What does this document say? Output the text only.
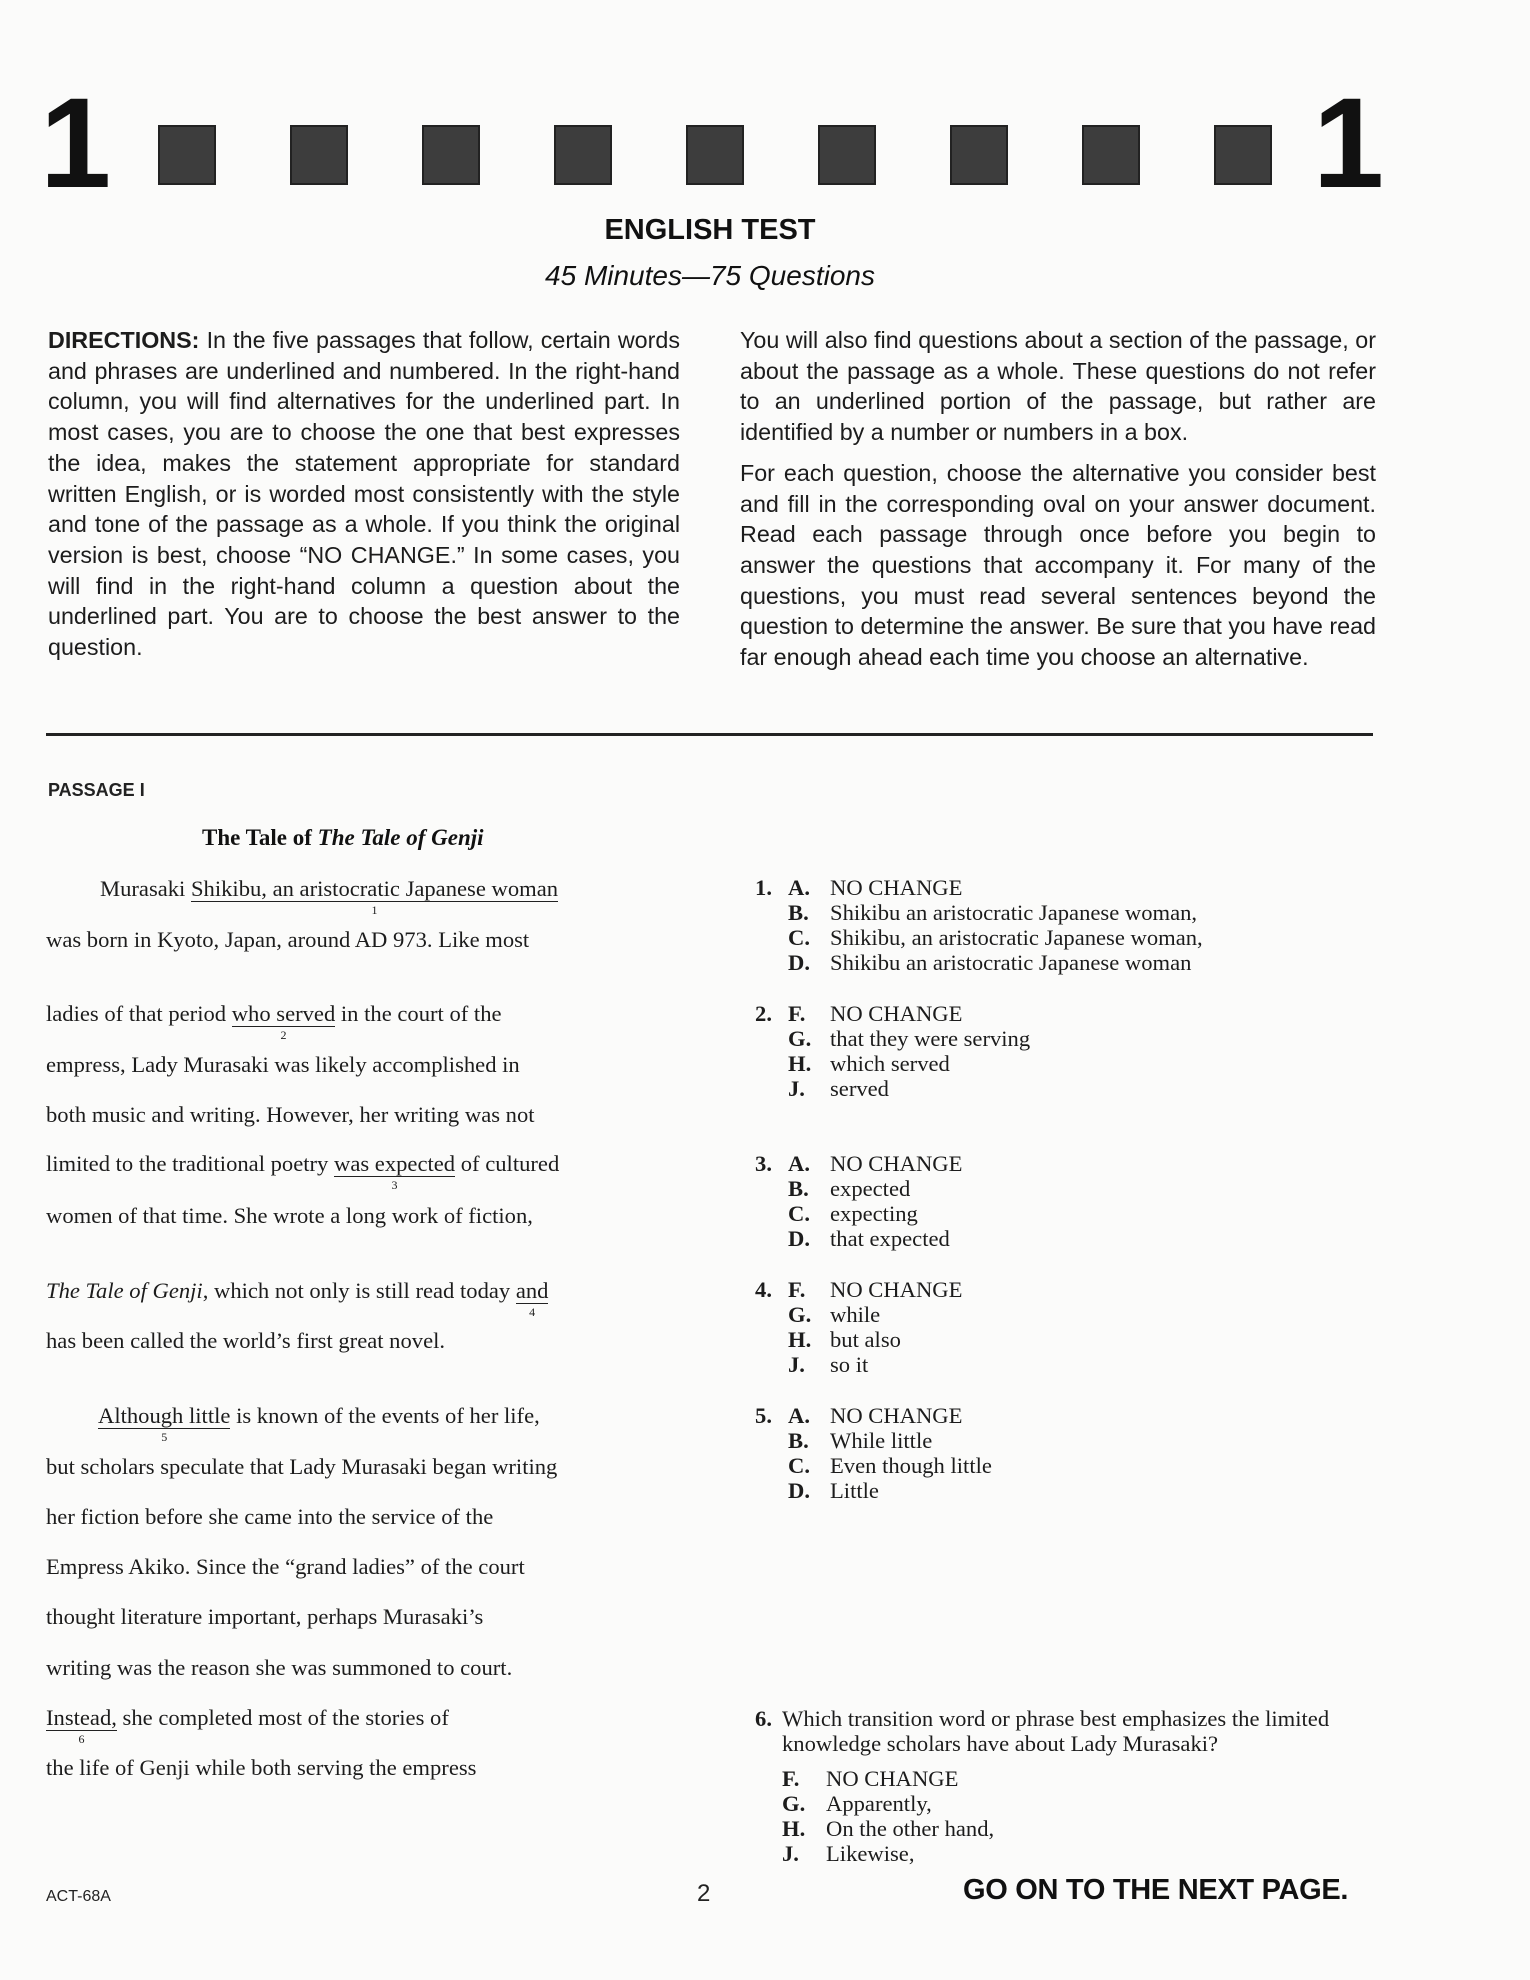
1	1
ENGLISH TEST
45 Minutes—75 Questions

DIRECTIONS: In the five passages that follow, certain words and phrases are underlined and numbered. In the right-hand column, you will find alternatives for the underlined part. In most cases, you are to choose the one that best expresses the idea, makes the statement appropriate for standard written English, or is worded most consistently with the style and tone of the passage as a whole. If you think the original version is best, choose “NO CHANGE.” In some cases, you will find in the right-hand column a question about the underlined part. You are to choose the best answer to the question.

You will also find questions about a section of the passage, or about the passage as a whole. These questions do not refer to an underlined portion of the passage, but rather are identified by a number or numbers in a box.

For each question, choose the alternative you consider best and fill in the corresponding oval on your answer document. Read each passage through once before you begin to answer the questions that accompany it. For many of the questions, you must read several sentences beyond the question to determine the answer. Be sure that you have read far enough ahead each time you choose an alternative.

PASSAGE I
The Tale of The Tale of Genji
Murasaki Shikibu, an aristocratic Japanese woman
1
was born in Kyoto, Japan, around AD 973. Like most
ladies of that period who served
2
in the court of the
empress, Lady Murasaki was likely accomplished in
both music and writing. However, her writing was not
limited to the traditional poetry was expected
3
of cultured
women of that time. She wrote a long work of fiction,
The Tale of Genji, which not only is still read today and
4
has been called the world’s first great novel.
Although little
5
is known of the events of her life,
but scholars speculate that Lady Murasaki began writing
her fiction before she came into the service of the
Empress Akiko. Since the “grand ladies” of the court
thought literature important, perhaps Murasaki’s
writing was the reason she was summoned to court.
Instead,
6
she completed most of the stories of
the life of Genji while both serving the empress
1. A. NO CHANGE
B. Shikibu an aristocratic Japanese woman,
C. Shikibu, an aristocratic Japanese woman,
D. Shikibu an aristocratic Japanese woman
2. F.	NO CHANGE
G. that they were serving
H. which served
J.	served
3. A. NO CHANGE
B. expected
C. expecting
D. that expected
4. F.	NO CHANGE
G. while
H. but also
J.	so it
5. A. NO CHANGE
B. While little
C. Even though little
D. Little
6. Which transition word or phrase best emphasizes the limited knowledge scholars have about Lady Murasaki?
F.	NO CHANGE
G. Apparently,
H. On the other hand,
J.	Likewise,
ACT-68A	2	GO ON TO THE NEXT PAGE.
